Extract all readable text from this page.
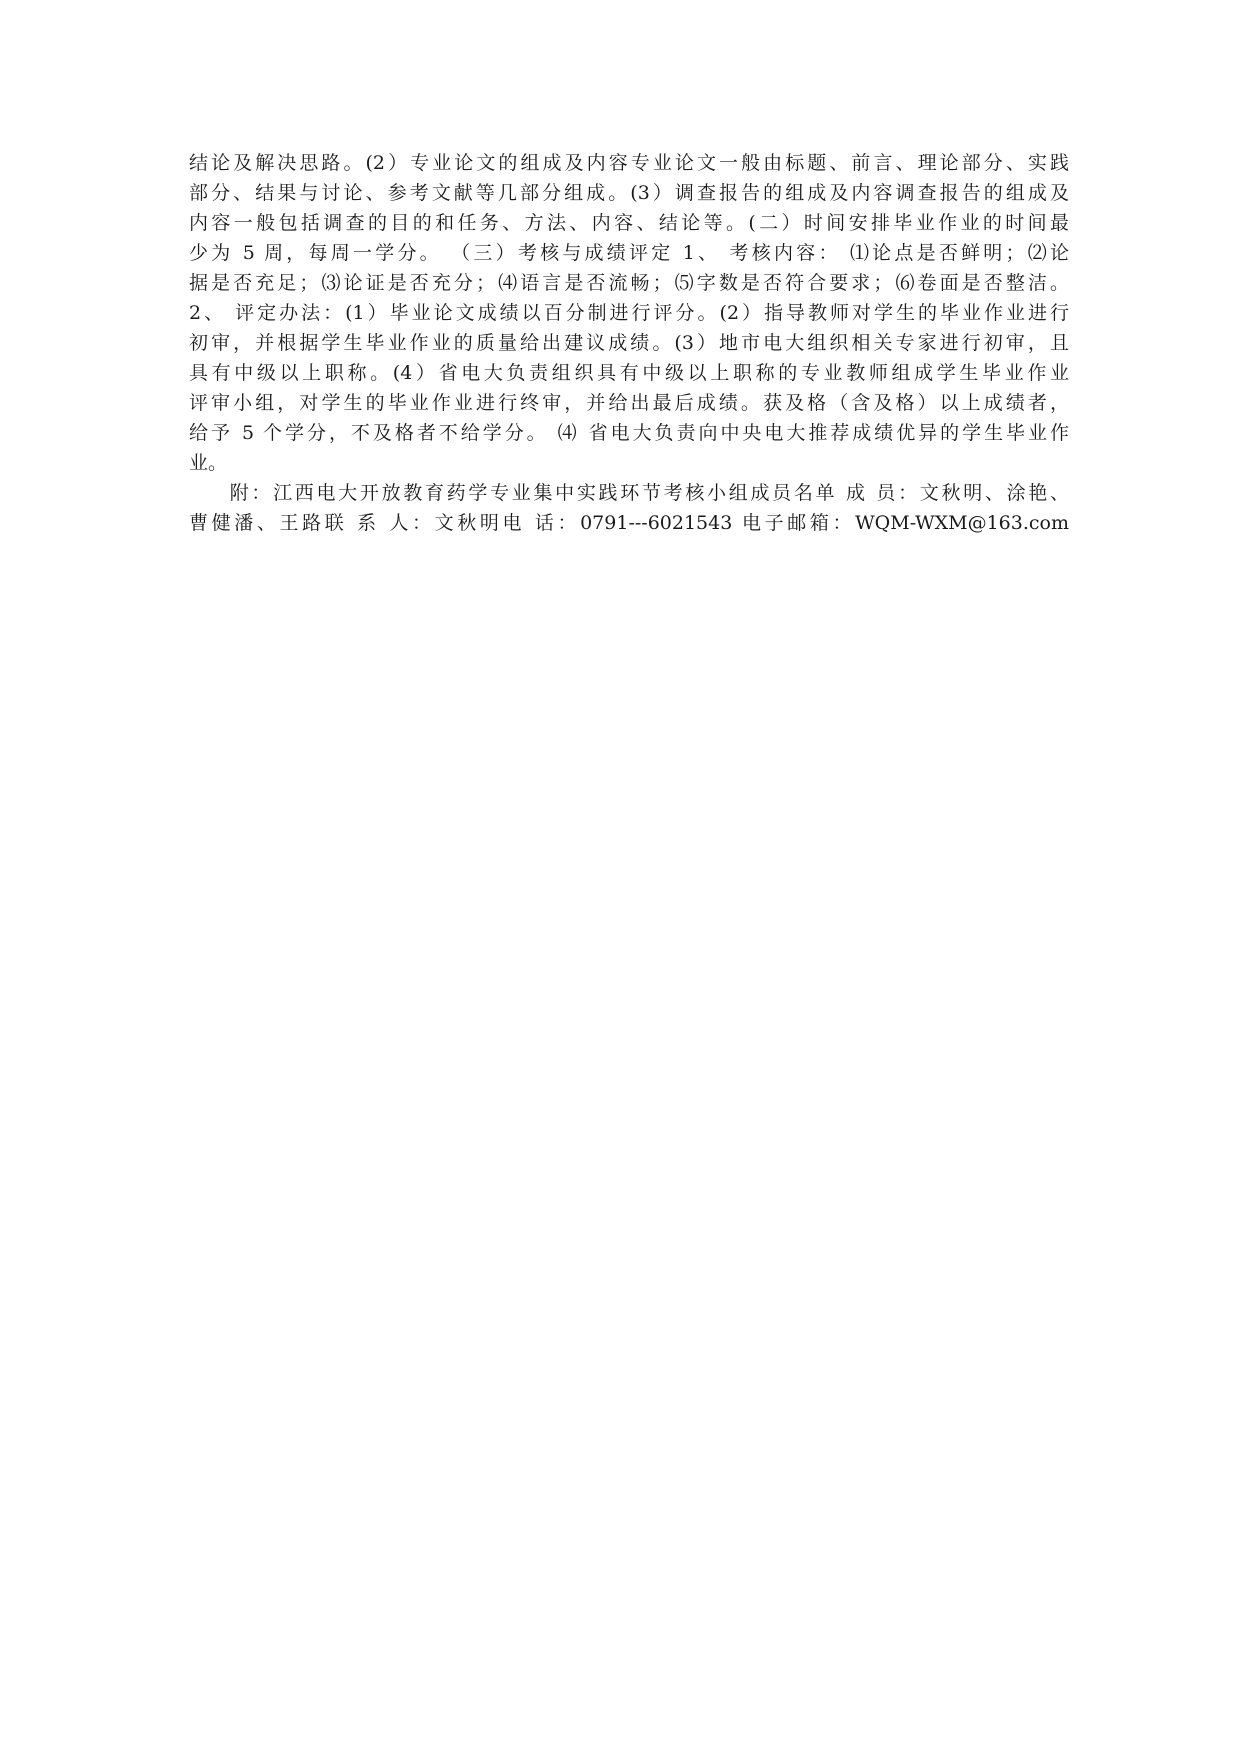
结论及解决思路。(2）专业论文的组成及内容专业论文一般由标题、前言、理论部分、实践
部分、结果与讨论、参考文献等几部分组成。(3）调查报告的组成及内容调查报告的组成及
内容一般包括调查的目的和任务、方法、内容、结论等。(二）时间安排毕业作业的时间最
少为 5 周，每周一学分。 （三）考核与成绩评定 1、 考核内容： ⑴论点是否鲜明；⑵论
据是否充足；⑶论证是否充分；⑷语言是否流畅；⑸字数是否符合要求；⑹卷面是否整洁。
2、 评定办法：(1）毕业论文成绩以百分制进行评分。(2）指导教师对学生的毕业作业进行
初审，并根据学生毕业作业的质量给出建议成绩。(3）地市电大组织相关专家进行初审，且
具有中级以上职称。(4）省电大负责组织具有中级以上职称的专业教师组成学生毕业作业
评审小组，对学生的毕业作业进行终审，并给出最后成绩。获及格（含及格）以上成绩者，
给予 5 个学分，不及格者不给学分。 ⑷ 省电大负责向中央电大推荐成绩优异的学生毕业作
业。
附：江西电大开放教育药学专业集中实践环节考核小组成员名单 成 员：文秋明、涂艳、
曹健潘、王路联 系 人：文秋明电 话：0791---6021543 电子邮箱：WQM-WXM@163.com
